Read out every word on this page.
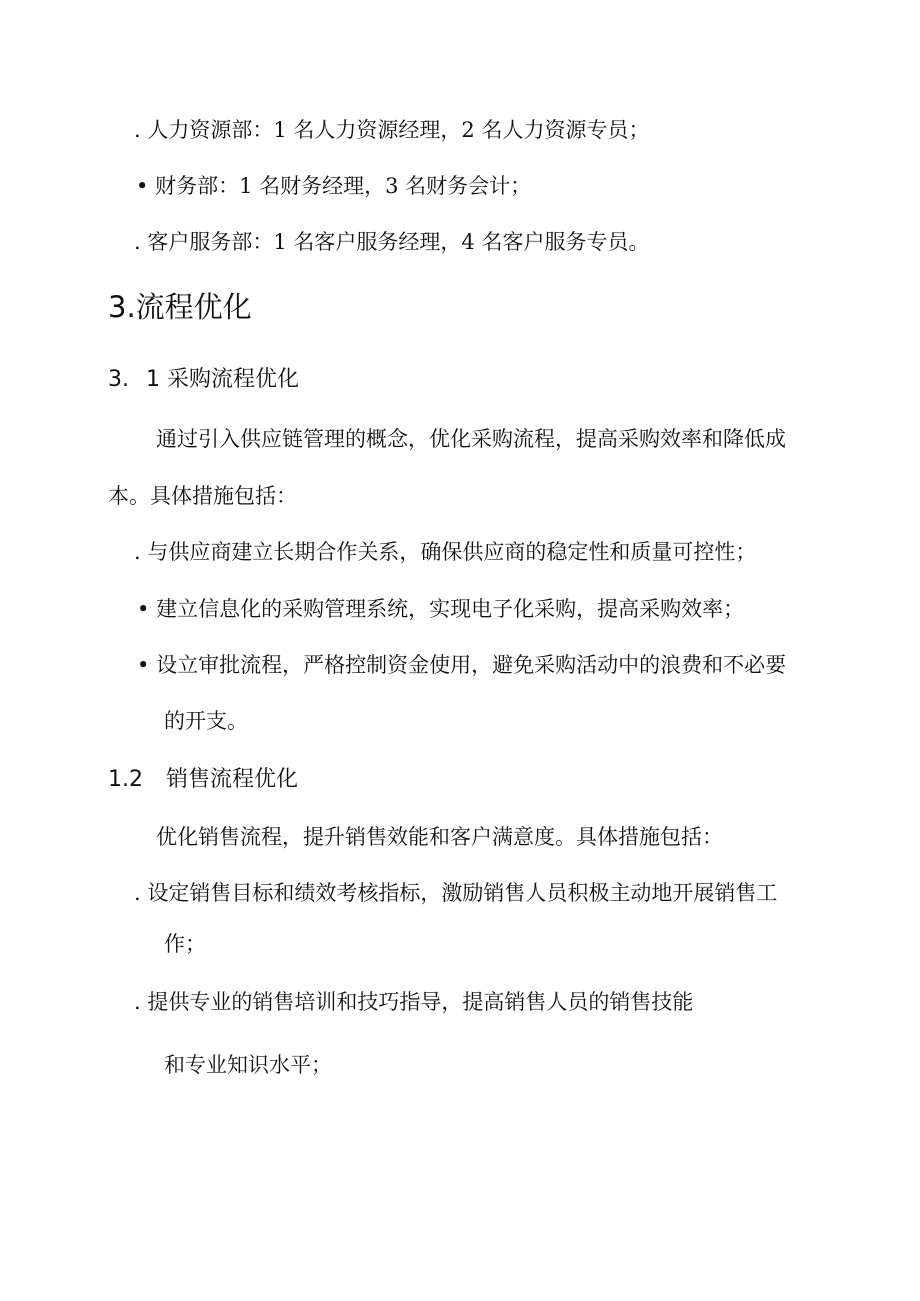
. 人力资源部：1 名人力资源经理，2 名人力资源专员；
• 财务部：1 名财务经理，3 名财务会计；
. 客户服务部：1 名客户服务经理，4 名客户服务专员。
3.流程优化
3. 1 采购流程优化
通过引入供应链管理的概念，优化采购流程，提高采购效率和降低成
本。具体措施包括：
. 与供应商建立长期合作关系，确保供应商的稳定性和质量可控性；
• 建立信息化的采购管理系统，实现电子化采购，提高采购效率；
• 设立审批流程，严格控制资金使用，避免采购活动中的浪费和不必要
的开支。
1.2 销售流程优化
优化销售流程，提升销售效能和客户满意度。具体措施包括：
. 设定销售目标和绩效考核指标，激励销售人员积极主动地开展销售工
作；
. 提供专业的销售培训和技巧指导，提高销售人员的销售技能
和专业知识水平；
